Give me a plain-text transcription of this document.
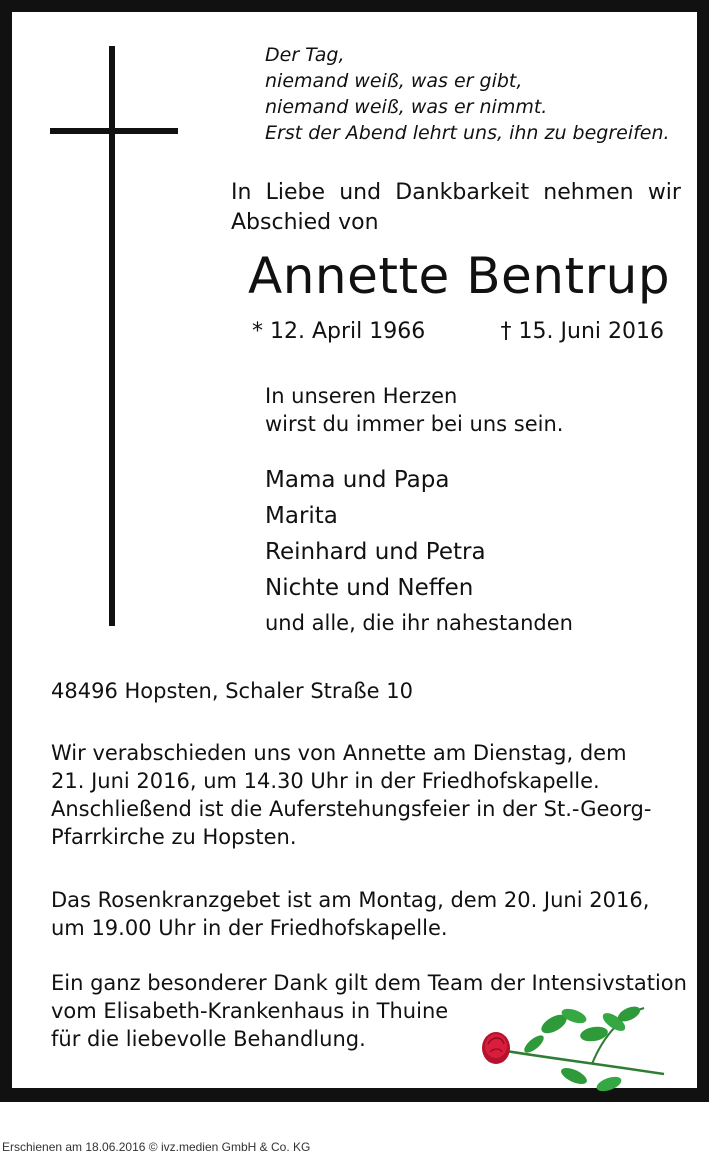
Der Tag,
niemand weiß, was er gibt,
niemand weiß, was er nimmt.
Erst der Abend lehrt uns, ihn zu begreifen.
In Liebe und Dankbarkeit nehmen wir
Abschied von
Annette Bentrup
* 12. April 1966	† 15. Juni 2016
In unseren Herzen
wirst du immer bei uns sein.
Mama und Papa
Marita
Reinhard und Petra
Nichte und Neffen
und alle, die ihr nahestanden
48496 Hopsten, Schaler Straße 10
Wir verabschieden uns von Annette am Dienstag, dem
21. Juni 2016, um 14.30 Uhr in der Friedhofskapelle.
Anschließend ist die Auferstehungsfeier in der St.-Georg-
Pfarrkirche zu Hopsten.
Das Rosenkranzgebet ist am Montag, dem 20. Juni 2016,
um 19.00 Uhr in der Friedhofskapelle.
Ein ganz besonderer Dank gilt dem Team der Intensivstation
vom Elisabeth-Krankenhaus in Thuine
für die liebevolle Behandlung.
Erschienen am 18.06.2016 © ivz.medien GmbH & Co. KG
